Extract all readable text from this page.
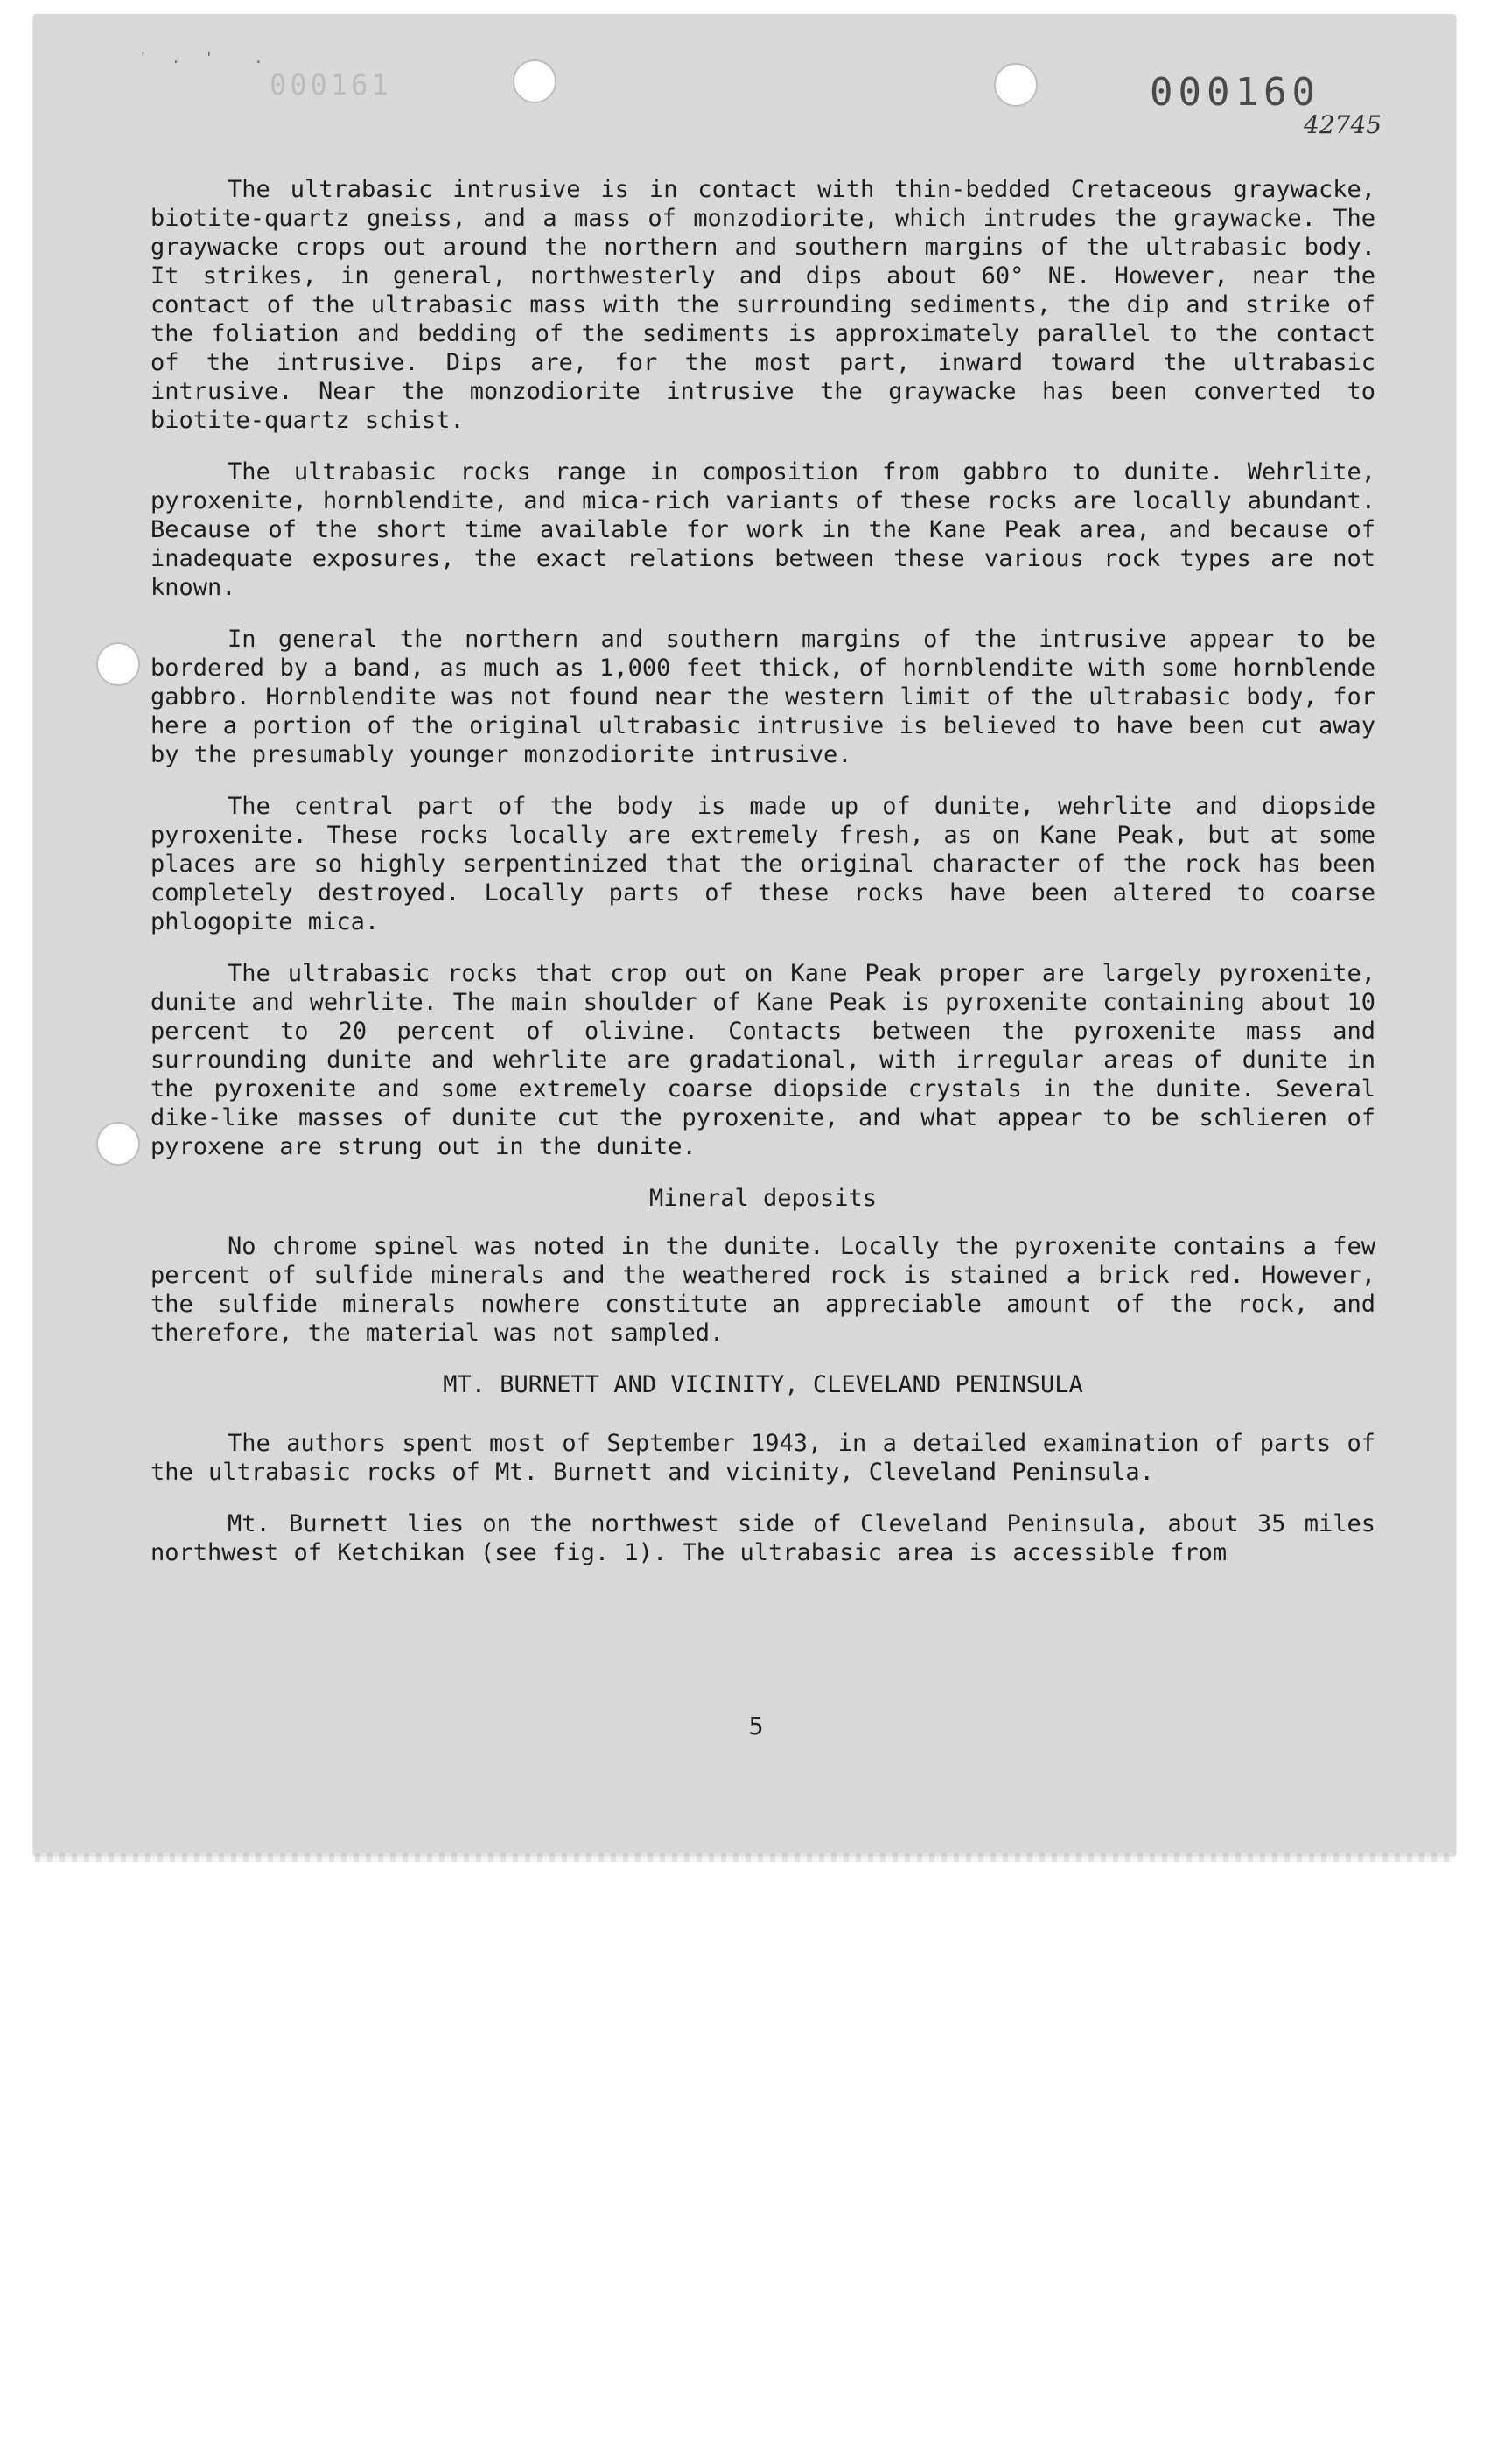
' . '  .
000161	000160
42745

The ultrabasic intrusive is in contact with thin-bedded Cretaceous graywacke, biotite-quartz gneiss, and a mass of monzodiorite, which intrudes the graywacke. The graywacke crops out around the northern and southern margins of the ultrabasic body. It strikes, in general, northwesterly and dips about 60° NE. However, near the contact of the ultrabasic mass with the surrounding sediments, the dip and strike of the foliation and bedding of the sediments is approximately parallel to the contact of the intrusive. Dips are, for the most part, inward toward the ultrabasic intrusive. Near the monzodiorite intrusive the graywacke has been converted to biotite-quartz schist.

The ultrabasic rocks range in composition from gabbro to dunite. Wehrlite, pyroxenite, hornblendite, and mica-rich variants of these rocks are locally abundant. Because of the short time available for work in the Kane Peak area, and because of inadequate exposures, the exact relations between these various rock types are not known.

In general the northern and southern margins of the intrusive appear to be bordered by a band, as much as 1,000 feet thick, of hornblendite with some hornblende gabbro. Hornblendite was not found near the western limit of the ultrabasic body, for here a portion of the original ultrabasic intrusive is believed to have been cut away by the presumably younger monzodiorite intrusive.

The central part of the body is made up of dunite, wehrlite and diopside pyroxenite. These rocks locally are extremely fresh, as on Kane Peak, but at some places are so highly serpentinized that the original character of the rock has been completely destroyed. Locally parts of these rocks have been altered to coarse phlogopite mica.

The ultrabasic rocks that crop out on Kane Peak proper are largely pyroxenite, dunite and wehrlite. The main shoulder of Kane Peak is pyroxenite containing about 10 percent to 20 percent of olivine. Contacts between the pyroxenite mass and surrounding dunite and wehrlite are gradational, with irregular areas of dunite in the pyroxenite and some extremely coarse diopside crystals in the dunite. Several dike-like masses of dunite cut the pyroxenite, and what appear to be schlieren of pyroxene are strung out in the dunite.

Mineral deposits

No chrome spinel was noted in the dunite. Locally the pyroxenite contains a few percent of sulfide minerals and the weathered rock is stained a brick red. However, the sulfide minerals nowhere constitute an appreciable amount of the rock, and therefore, the material was not sampled.

MT. BURNETT AND VICINITY, CLEVELAND PENINSULA

The authors spent most of September 1943, in a detailed examination of parts of the ultrabasic rocks of Mt. Burnett and vicinity, Cleveland Peninsula.

Mt. Burnett lies on the northwest side of Cleveland Peninsula, about 35 miles northwest of Ketchikan (see fig. 1). The ultrabasic area is accessible from

5
